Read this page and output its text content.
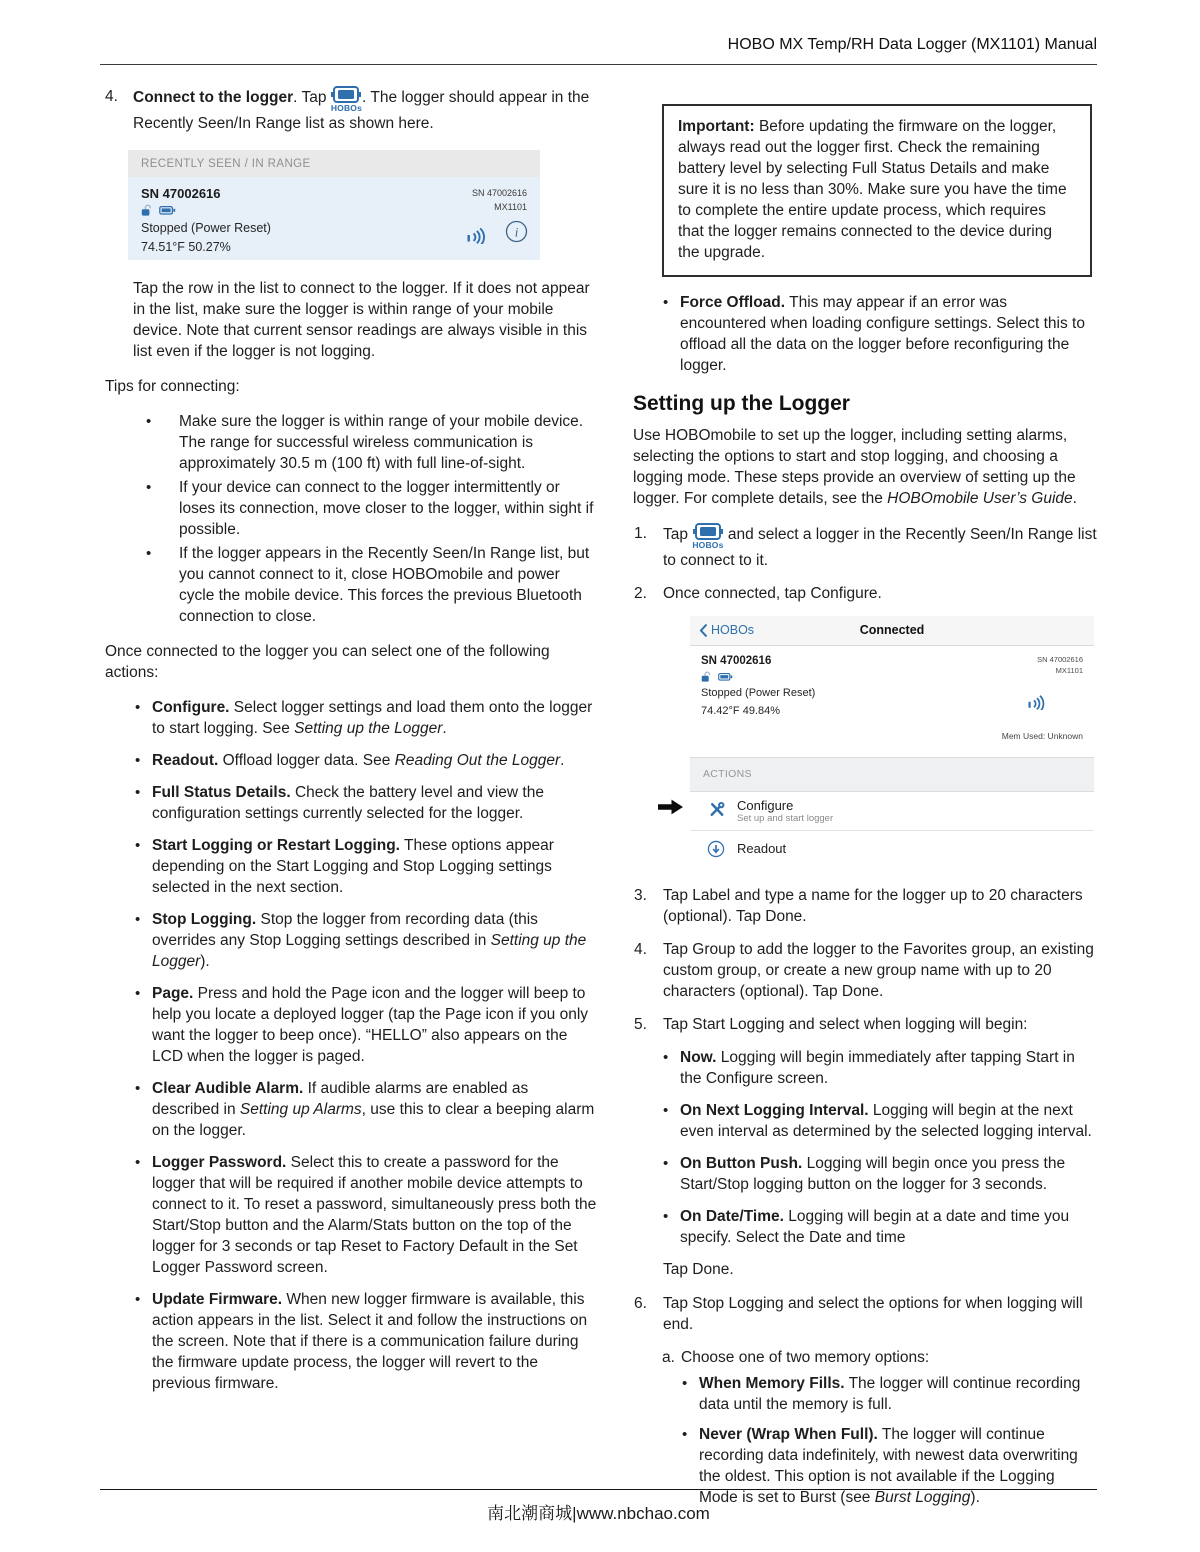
HOBO MX Temp/RH Data Logger (MX1101) Manual
4. Connect to the logger. Tap
HOBOs
. The logger should appear in the Recently Seen/In Range list as shown here.
RECENTLY SEEN / IN RANGE
SN 47002616
Stopped (Power Reset)
74.51°F 50.27%
SN 47002616
MX1101
i

Tap the row in the list to connect to the logger. If it does not appear in the list, make sure the logger is within range of your mobile device. Note that current sensor readings are always visible in this list even if the logger is not logging.

Tips for connecting:

• Make sure the logger is within range of your mobile device. The range for successful wireless communication is approximately 30.5 m (100 ft) with full line-of-sight.
• If your device can connect to the logger intermittently or loses its connection, move closer to the logger, within sight if possible.
• If the logger appears in the Recently Seen/In Range list, but you cannot connect to it, close HOBOmobile and power cycle the mobile device. This forces the previous Bluetooth connection to close.

Once connected to the logger you can select one of the following actions:

• Configure. Select logger settings and load them onto the logger to start logging. See Setting up the Logger.
• Readout. Offload logger data. See Reading Out the Logger.
• Full Status Details. Check the battery level and view the configuration settings currently selected for the logger.
• Start Logging or Restart Logging. These options appear depending on the Start Logging and Stop Logging settings selected in the next section.
• Stop Logging. Stop the logger from recording data (this overrides any Stop Logging settings described in Setting up the Logger).
• Page. Press and hold the Page icon and the logger will beep to help you locate a deployed logger (tap the Page icon if you only want the logger to beep once). “HELLO” also appears on the LCD when the logger is paged.
• Clear Audible Alarm. If audible alarms are enabled as described in Setting up Alarms, use this to clear a beeping alarm on the logger.
• Logger Password. Select this to create a password for the logger that will be required if another mobile device attempts to connect to it. To reset a password, simultaneously press both the Start/Stop button and the Alarm/Stats button on the top of the logger for 3 seconds or tap Reset to Factory Default in the Set Logger Password screen.
• Update Firmware. When new logger firmware is available, this action appears in the list. Select it and follow the instructions on the screen. Note that if there is a communication failure during the firmware update process, the logger will revert to the previous firmware.
Important: Before updating the firmware on the logger, always read out the logger first. Check the remaining battery level by selecting Full Status Details and make sure it is no less than 30%. Make sure you have the time to complete the entire update process, which requires that the logger remains connected to the device during the upgrade.
• Force Offload. This may appear if an error was encountered when loading configure settings. Select this to offload all the data on the logger before reconfiguring the logger.
Setting up the Logger

Use HOBOmobile to set up the logger, including setting alarms, selecting the options to start and stop logging, and choosing a logging mode. These steps provide an overview of setting up the logger. For complete details, see the HOBOmobile User’s Guide.

1. Tap
HOBOs
and select a logger in the Recently Seen/In Range list to connect to it.
2. Once connected, tap Configure.
HOBOs	Connected
SN 47002616
Stopped (Power Reset)
74.42°F 49.84%
SN 47002616
MX1101
Mem Used: Unknown
ACTIONS
Configure
Set up and start logger
Readout
3. Tap Label and type a name for the logger up to 20 characters (optional). Tap Done.
4. Tap Group to add the logger to the Favorites group, an existing custom group, or create a new group name with up to 20 characters (optional). Tap Done.
5. Tap Start Logging and select when logging will begin:
• Now. Logging will begin immediately after tapping Start in the Configure screen.
• On Next Logging Interval. Logging will begin at the next even interval as determined by the selected logging interval.
• On Button Push. Logging will begin once you press the Start/Stop logging button on the logger for 3 seconds.
• On Date/Time. Logging will begin at a date and time you specify. Select the Date and time
Tap Done.
6. Tap Stop Logging and select the options for when logging will end.
a. Choose one of two memory options:
• When Memory Fills. The logger will continue recording data until the memory is full.
• Never (Wrap When Full). The logger will continue recording data indefinitely, with newest data overwriting the oldest. This option is not available if the Logging Mode is set to Burst (see Burst Logging).
南北潮商城|www.nbchao.com
